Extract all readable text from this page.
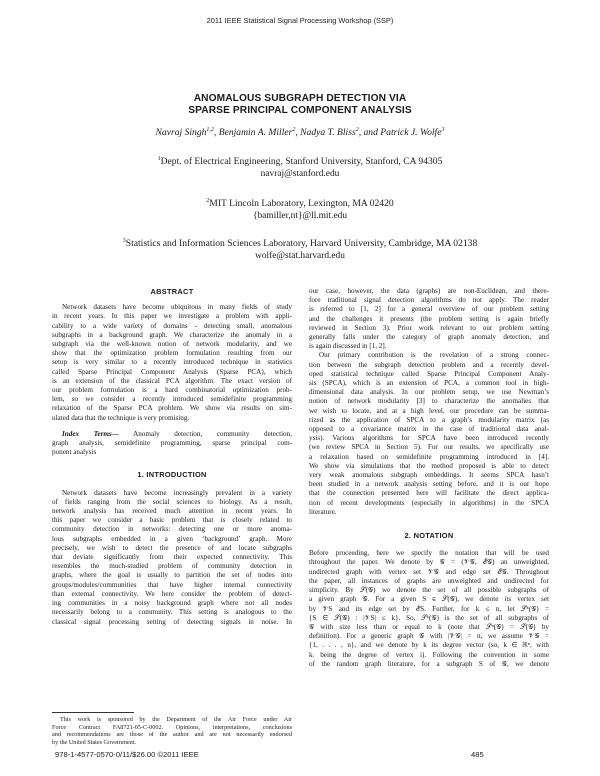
2011 IEEE Statistical Signal Processing Workshop (SSP)
ANOMALOUS SUBGRAPH DETECTION VIA
SPARSE PRINCIPAL COMPONENT ANALYSIS
Navraj Singh$^{1,2}$, Benjamin A. Miller$^2$, Nadya T. Bliss$^2$, and Patrick J. Wolfe$^3$
$^1$Dept. of Electrical Engineering, Stanford University, Stanford, CA 94305
navraj@stanford.edu
$^2$MIT Lincoln Laboratory, Lexington, MA 02420
{bamiller,nt}@ll.mit.edu
$^3$Statistics and Information Sciences Laboratory, Harvard University, Cambridge, MA 02138
wolfe@stat.harvard.edu
ABSTRACT
Network datasets have become ubiquitous in many fields of study
in recent years. In this paper we investigate a problem with appli-
cability to a wide variety of domains - detecting small, anomalous
subgraphs in a background graph. We characterize the anomaly in a
subgraph via the well-known notion of network modularity, and we
show that the optimization problem formulation resulting from our
setup is very similar to a recently introduced technique in statistics
called Sparse Principal Component Analysis (Sparse PCA), which
is an extension of the classical PCA algorithm. The exact version of
our problem formulation is a hard combinatorial optimization prob-
lem, so we consider a recently introduced semidefinite programming
relaxation of the Sparse PCA problem. We show via results on sim-
ulated data that the technique is very promising.
Index Terms— Anomaly detection, community detection,
graph analysis, semidefinite programming, sparse principal com-
ponent analysis
1. INTRODUCTION
Network datasets have become increasingly prevalent in a variety
of fields ranging from the social sciences to biology. As a result,
network analysis has received much attention in recent years. In
this paper we consider a basic problem that is closely related to
community detection in networks: detecting one or more anoma-
lous subgraphs embedded in a given ‘background’ graph. More
precisely, we wish to detect the presence of and locate subgraphs
that deviate significantly from their expected connectivity. This
resembles the much-studied problem of community detection in
graphs, where the goal is usually to partition the set of nodes into
groups/modules/communities that have higher internal connectivity
than external connectivity. We here consider the problem of detect-
ing communities in a noisy background graph where not all nodes
necessarily belong to a community. This setting is analogous to the
classical signal processing setting of detecting signals in noise. In
This work is sponsored by the Department of the Air Force under Air
Force Contract FA8721-05-C-0002. Opinions, interpretations, conclusions
and recommendations are those of the author and are not necessarily endorsed
by the United States Government.
our case, however, the data (graphs) are non-Euclidean, and there-
fore traditional signal detection algorithms do not apply. The reader
is referred to [1, 2] for a general overview of our problem setting
and the challenges it presents (the problem setting is again briefly
reviewed in Section 3). Prior work relevant to our problem setting
generally falls under the category of graph anomaly detection, and
is again discussed in [1, 2].
Our primary contribution is the revelation of a strong connec-
tion between the subgraph detection problem and a recently devel-
oped statistical technique called Sparse Principal Component Analy-
sis (SPCA), which is an extension of PCA, a common tool in high-
dimensional data analysis. In our problem setup, we use Newman’s
notion of network modularity [3] to characterize the anomalies that
we wish to locate, and at a high level, our procedure can be summa-
rized as the application of SPCA to a graph’s modularity matrix (as
opposed to a covariance matrix in the case of traditional data anal-
ysis). Various algorithms for SPCA have been introduced recently
(we review SPCA in Section 5). For our results, we specifically use
a relaxation based on semidefinite programming introduced in [4].
We show via simulations that the method proposed is able to detect
very weak anomalous subgraph embeddings. It seems SPCA hasn’t
been studied in a network analysis setting before, and it is our hope
that the connection presented here will facilitate the direct applica-
tion of recent developments (especially in algorithms) in the SPCA
literature.
2. NOTATION
Before proceeding, here we specify the notation that will be used
throughout the paper. We denote by 𝒢 = (𝒱𝒢, ℰ𝒢) an unweighted,
undirected graph with vertex set 𝒱𝒢 and edge set ℰ𝒢. Throughout
the paper, all instances of graphs are unweighted and undirected for
simplicity. By 𝒮(𝒢) we denote the set of all possible subgraphs of
a given graph 𝒢. For a given S ∈ 𝒮(𝒢), we denote its vertex set
by 𝒱S and its edge set by ℰS. Further, for k ≤ n, let 𝒮ᵏ(𝒢) =
{S ∈ 𝒮(𝒢) : |𝒱S| ≤ k}. So, 𝒮ᵏ(𝒢) is the set of all subgraphs of
𝒢 with size less than or equal to k (note that 𝒮ⁿ(𝒢) = 𝒮(𝒢) by
definition). For a generic graph 𝒢 with |𝒱𝒢| = n, we assume 𝒱𝒢 =
{1, . . . , n}, and we denote by k its degree vector (so, k ∈ ℝⁿ, with
kᵢ being the degree of vertex i). Following the convention in some
of the random graph literature, for a subgraph S of 𝒢, we denote
978-1-4577-0570-0/11/$26.00 ©2011 IEEE	485
